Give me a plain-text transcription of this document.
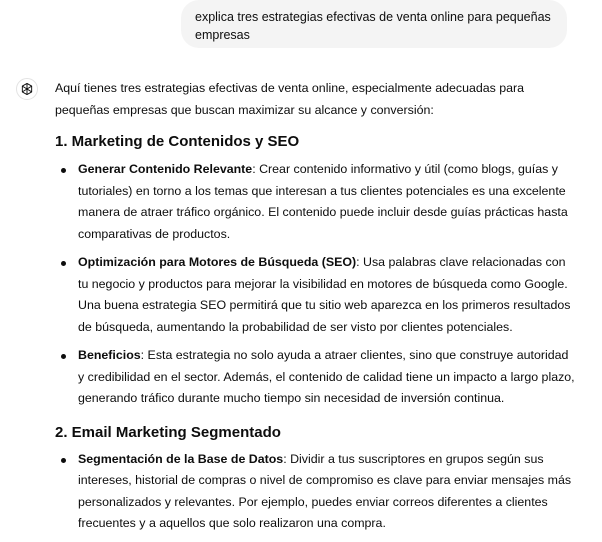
explica tres estrategias efectivas de venta online para pequeñas empresas

Aquí tienes tres estrategias efectivas de venta online, especialmente adecuadas para pequeñas empresas que buscan maximizar su alcance y conversión:

1. Marketing de Contenidos y SEO
Generar Contenido Relevante: Crear contenido informativo y útil (como blogs, guías y tutoriales) en torno a los temas que interesan a tus clientes potenciales es una excelente manera de atraer tráfico orgánico. El contenido puede incluir desde guías prácticas hasta comparativas de productos.
Optimización para Motores de Búsqueda (SEO): Usa palabras clave relacionadas con tu negocio y productos para mejorar la visibilidad en motores de búsqueda como Google. Una buena estrategia SEO permitirá que tu sitio web aparezca en los primeros resultados de búsqueda, aumentando la probabilidad de ser visto por clientes potenciales.
Beneficios: Esta estrategia no solo ayuda a atraer clientes, sino que construye autoridad y credibilidad en el sector. Además, el contenido de calidad tiene un impacto a largo plazo, generando tráfico durante mucho tiempo sin necesidad de inversión continua.
2. Email Marketing Segmentado
Segmentación de la Base de Datos: Dividir a tus suscriptores en grupos según sus intereses, historial de compras o nivel de compromiso es clave para enviar mensajes más personalizados y relevantes. Por ejemplo, puedes enviar correos diferentes a clientes frecuentes y a aquellos que solo realizaron una compra.
